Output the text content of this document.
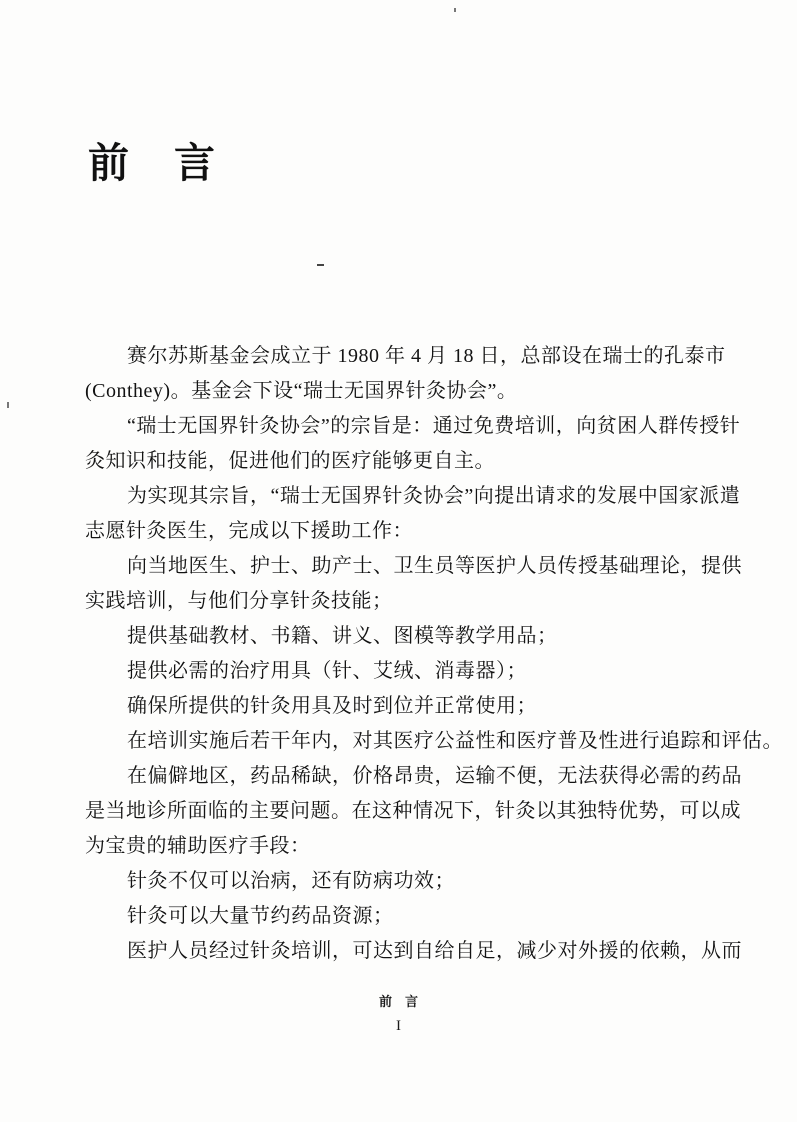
前　言
赛尔苏斯基金会成立于 1980 年 4 月 18 日，总部设在瑞士的孔泰市
(Conthey)。基金会下设“瑞士无国界针灸协会”。
“瑞士无国界针灸协会”的宗旨是：通过免费培训，向贫困人群传授针
灸知识和技能，促进他们的医疗能够更自主。
为实现其宗旨，“瑞士无国界针灸协会”向提出请求的发展中国家派遣
志愿针灸医生，完成以下援助工作：
向当地医生、护士、助产士、卫生员等医护人员传授基础理论，提供
实践培训，与他们分享针灸技能；
提供基础教材、书籍、讲义、图模等教学用品；
提供必需的治疗用具（针、艾绒、消毒器）；
确保所提供的针灸用具及时到位并正常使用；
在培训实施后若干年内，对其医疗公益性和医疗普及性进行追踪和评估。
在偏僻地区，药品稀缺，价格昂贵，运输不便，无法获得必需的药品
是当地诊所面临的主要问题。在这种情况下，针灸以其独特优势，可以成
为宝贵的辅助医疗手段：
针灸不仅可以治病，还有防病功效；
针灸可以大量节约药品资源；
医护人员经过针灸培训，可达到自给自足，减少对外援的依赖，从而
前　言
I
